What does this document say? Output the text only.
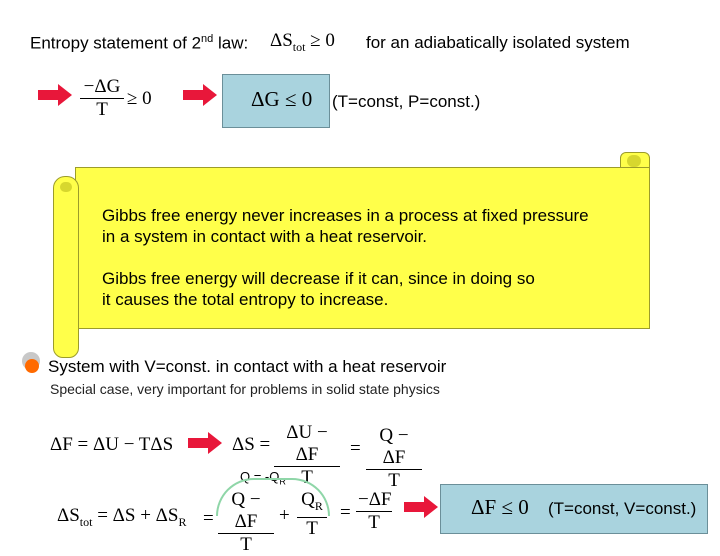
Entropy statement of 2nd law: $\Delta S_{tot} \ge 0$ for an adiabatically isolated system
$\frac{-\Delta G}{T} \ge 0$	ΔG ≤ 0 (T=const, P=const.)
Gibbs free energy never increases in a process at fixed pressure
in a system in contact with a heat reservoir.
Gibbs free energy will decrease if it can, since in doing so
it causes the total entropy to increase.
System with V=const. in contact with a heat reservoir
Special case, very important for problems in solid state physics
ΔF = ΔU − TΔS	$\Delta S = \frac{\Delta U - \Delta F}{T} = \frac{Q - \Delta F}{T}$
$Q = -Q_R$
$\Delta S_{tot} = \Delta S + \Delta S_R = \frac{Q - \Delta F}{T} + \frac{Q_R}{T} = \frac{-\Delta F}{T}$	ΔF ≤ 0 (T=const, V=const.)
